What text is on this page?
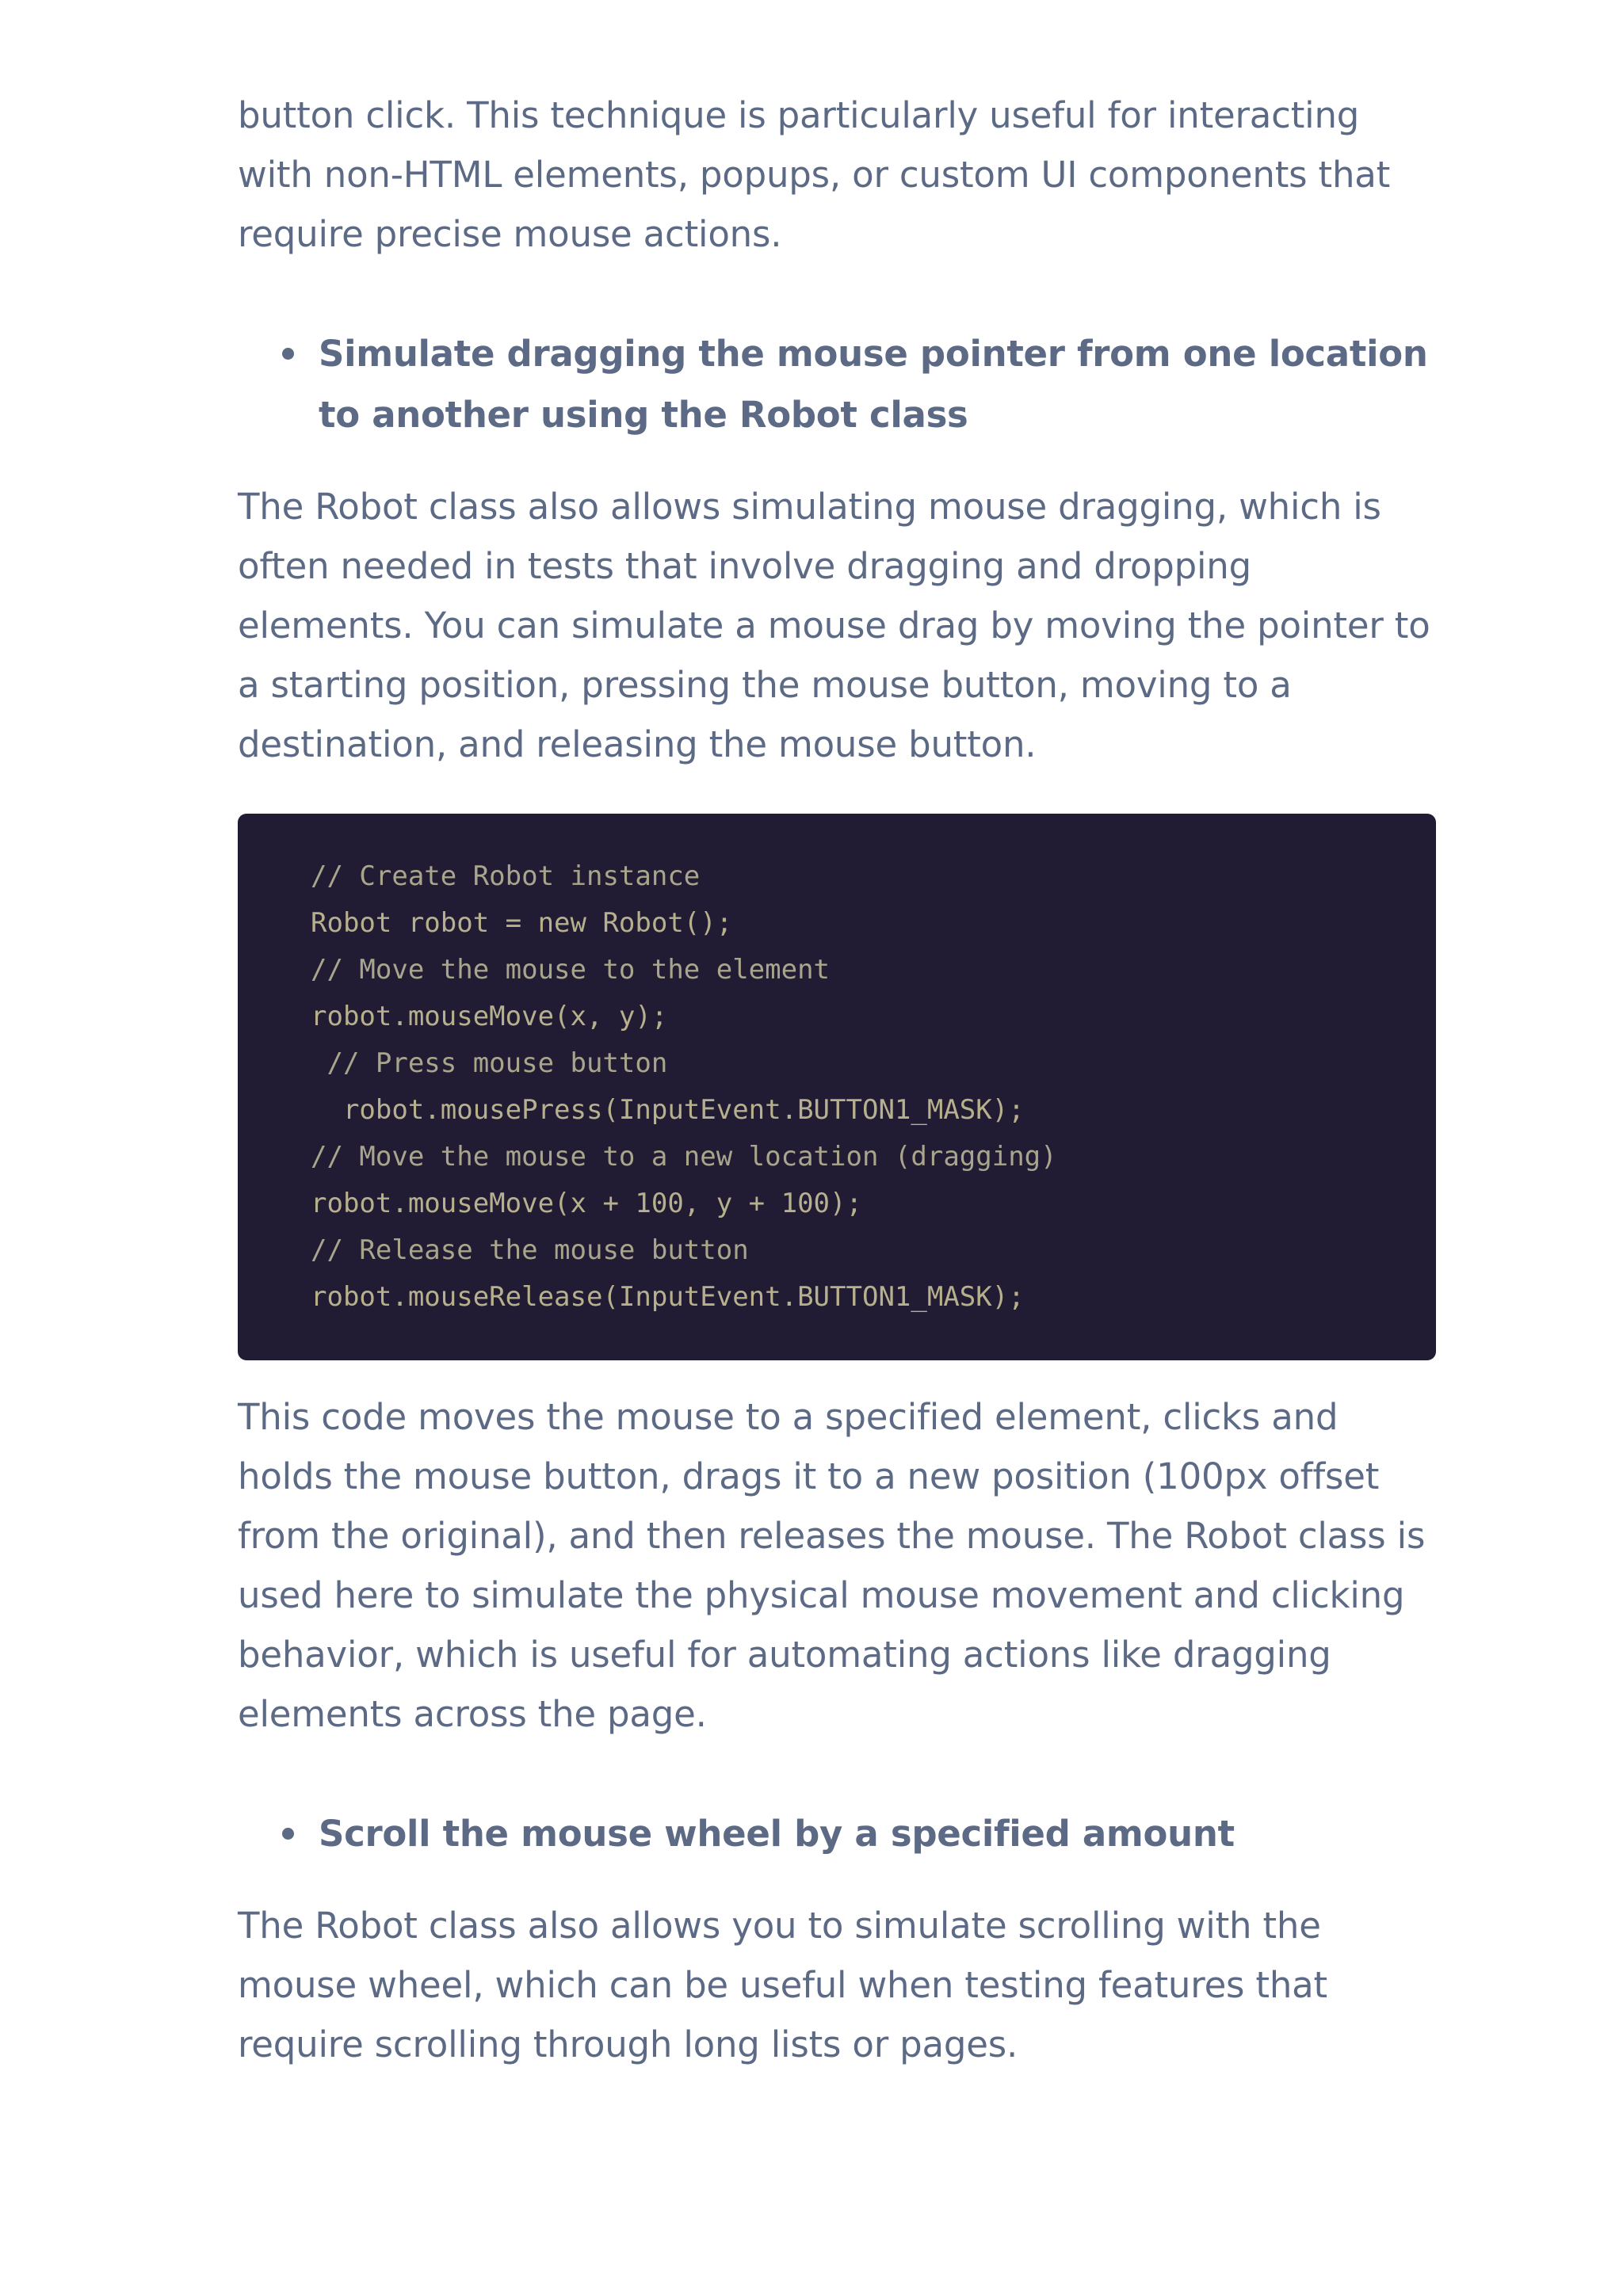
button click. This technique is particularly useful for interacting with non-HTML elements, popups, or custom UI components that require precise mouse actions.

Simulate dragging the mouse pointer from one location to another using the Robot class

The Robot class also allows simulating mouse dragging, which is often needed in tests that involve dragging and dropping elements. You can simulate a mouse drag by moving the pointer to a starting position, pressing the mouse button, moving to a destination, and releasing the mouse button.

// Create Robot instance
Robot robot = new Robot();
// Move the mouse to the element
robot.mouseMove(x, y);
// Press mouse button
robot.mousePress(InputEvent.BUTTON1_MASK);
// Move the mouse to a new location (dragging)
robot.mouseMove(x + 100, y + 100);
// Release the mouse button
robot.mouseRelease(InputEvent.BUTTON1_MASK);

This code moves the mouse to a specified element, clicks and holds the mouse button, drags it to a new position (100px offset from the original), and then releases the mouse. The Robot class is used here to simulate the physical mouse movement and clicking behavior, which is useful for automating actions like dragging elements across the page.

Scroll the mouse wheel by a specified amount

The Robot class also allows you to simulate scrolling with the mouse wheel, which can be useful when testing features that require scrolling through long lists or pages.
